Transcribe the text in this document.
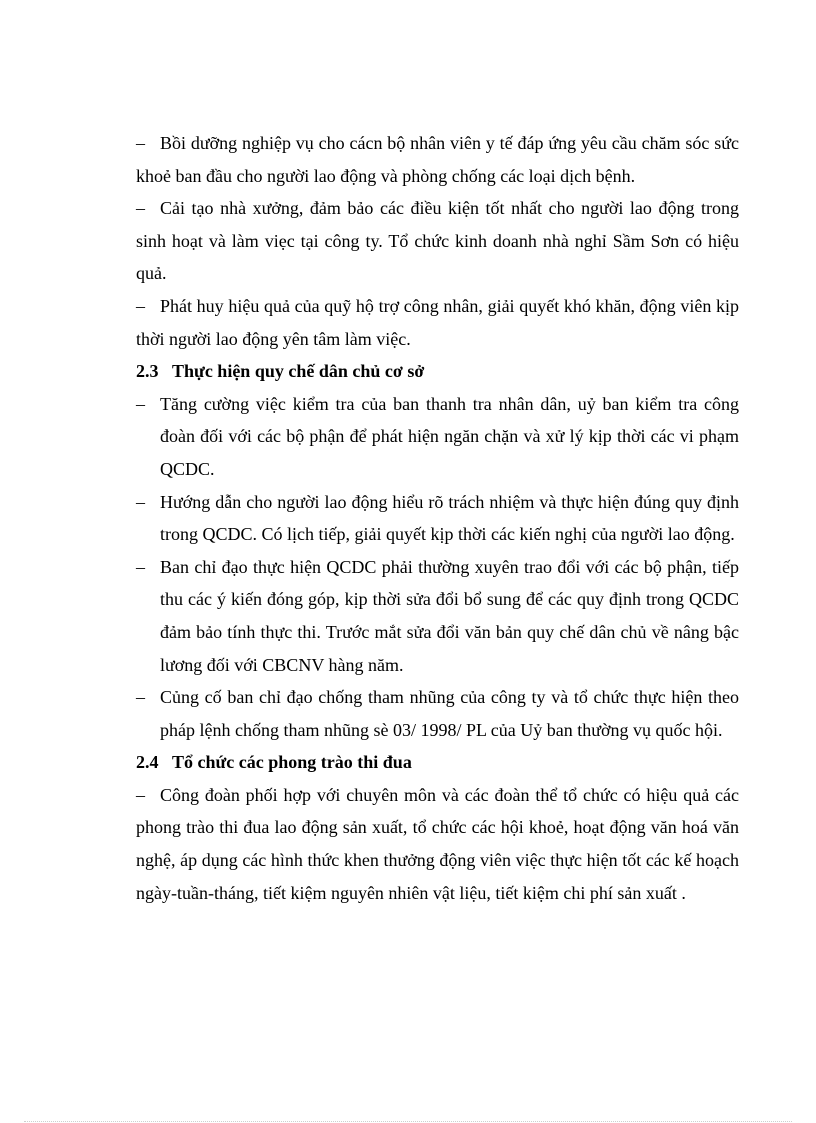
– Bồi dưỡng nghiệp vụ cho cácn bộ nhân viên y tế đáp ứng yêu cầu chăm sóc sức khoẻ ban đầu cho người lao động và phòng chống các loại dịch bệnh.

– Cải tạo nhà xưởng, đảm bảo các điều kiện tốt nhất cho người lao động trong sinh hoạt và làm viẹc tại công ty. Tổ chức kinh doanh nhà nghỉ Sầm Sơn có hiệu quả.

– Phát huy hiệu quả của quỹ hộ trợ công nhân, giải quyết khó khăn, động viên kịp thời người lao động yên tâm làm việc.

2.3 Thực hiện quy chế dân chủ cơ sở

– Tăng cường việc kiểm tra của ban thanh tra nhân dân, uỷ ban kiểm tra công đoàn đối với các bộ phận để phát hiện ngăn chặn và xử lý kịp thời các vi phạm QCDC.

– Hướng dẫn cho người lao động hiểu rõ trách nhiệm và thực hiện đúng quy định trong QCDC. Có lịch tiếp, giải quyết kịp thời các kiến nghị của người lao động.

– Ban chỉ đạo thực hiện QCDC phải thường xuyên trao đổi với các bộ phận, tiếp thu các ý kiến đóng góp, kịp thời sửa đổi bổ sung để các quy định trong QCDC đảm bảo tính thực thi. Trước mắt sửa đổi văn bản quy chế dân chủ về nâng bậc lương đối với CBCNV hàng năm.

– Củng cố ban chỉ đạo chống tham nhũng của công ty và tổ chức thực hiện theo pháp lệnh chống tham nhũng sè 03/ 1998/ PL của Uỷ ban thường vụ quốc hội.

2.4 Tổ chức các phong trào thi đua

– Công đoàn phối hợp với chuyên môn và các đoàn thể tổ chức có hiệu quả các phong trào thi đua lao động sản xuất, tổ chức các hội khoẻ, hoạt động văn hoá văn nghệ, áp dụng các hình thức khen thưởng động viên việc thực hiện tốt các kế hoạch ngày-tuần-tháng, tiết kiệm nguyên nhiên vật liệu, tiết kiệm chi phí sản xuất .
